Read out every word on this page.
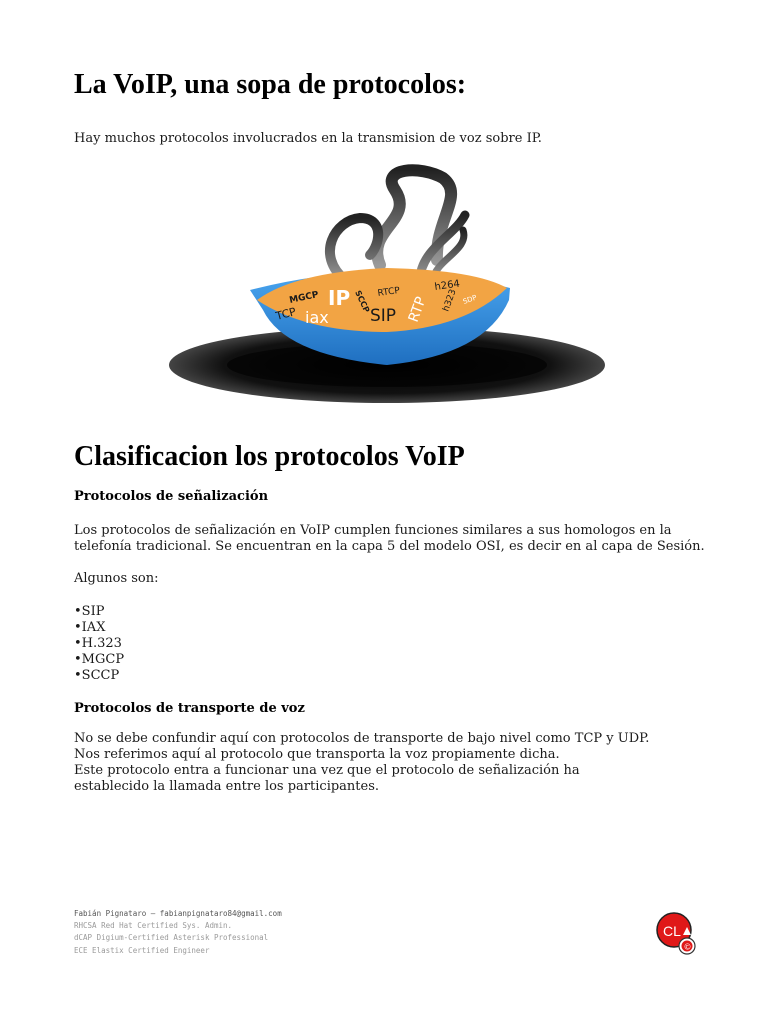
La VoIP, una sopa de protocolos:

Hay muchos protocolos involucrados en la transmision de voz sobre IP.

MGCP IP SCCP RTCP	h264
TCP iax SIP RTP h323 SDP
Clasificacion los protocolos VoIP

Protocolos de señalización

Los protocolos de señalización en VoIP cumplen funciones similares a sus homologos en la

telefonía tradicional. Se encuentran en la capa 5 del modelo OSI, es decir en al capa de Sesión.

Algunos son:

• SIP
• IAX
• H.323
• MGCP
• SCCP

Protocolos de transporte de voz

No se debe confundir aquí con protocolos de transporte de bajo nivel como TCP y UDP.

Nos referimos aquí al protocolo que transporta la voz propiamente dicha.

Este protocolo entra a funcionar una vez que el protocolo de señalización ha

establecido la llamada entre los participantes.

Fabián Pignataro – fabianpignataro84@gmail.com
RHCSA Red Hat Certified Sys. Admin.
dCAP Digium-Certified Asterisk Professional
ECE Elastix Certified Engineer
CL
©
